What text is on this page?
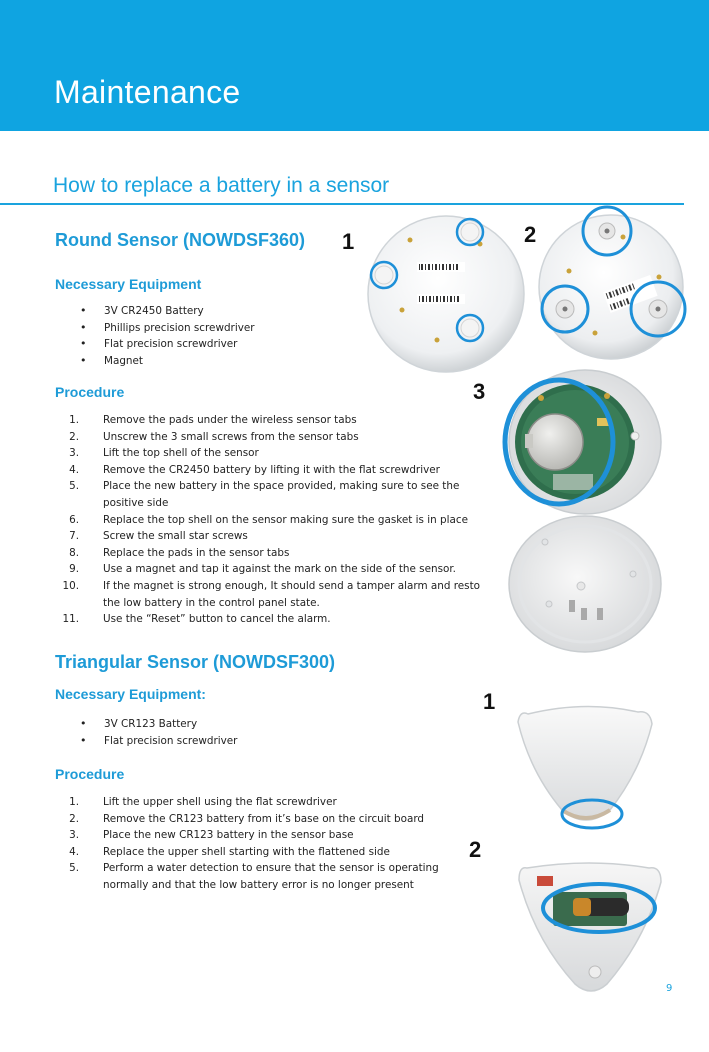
Maintenance
How to replace a battery in a sensor
Round Sensor (NOWDSF360)
Necessary Equipment
• 3V CR2450 Battery
• Phillips precision screwdriver
• Flat precision screwdriver
• Magnet
Procedure
1. Remove the pads under the wireless sensor tabs
2. Unscrew the 3 small screws from the sensor tabs
3. Lift the top shell of the sensor
4. Remove the CR2450 battery by lifting it with the flat screwdriver
5. Place the new battery in the space provided, making sure to see the
positive side
6. Replace the top shell on the sensor making sure the gasket is in place
7. Screw the small star screws
8. Replace the pads in the sensor tabs
9. Use a magnet and tap it against the mark on the side of the sensor.
10. If the magnet is strong enough, It should send a tamper alarm and resto
the low battery in the control panel state.
11. Use the “Reset” button to cancel the alarm.
Triangular Sensor (NOWDSF300)
Necessary Equipment:
• 3V CR123 Battery
• Flat precision screwdriver
Procedure
1. Lift the upper shell using the flat screwdriver
2. Remove the CR123 battery from it’s base on the circuit board
3. Place the new CR123 battery in the sensor base
4. Replace the upper shell starting with the flattened side
5. Perform a water detection to ensure that the sensor is operating
normally and that the low battery error is no longer present
1	2
3
1
2
9
